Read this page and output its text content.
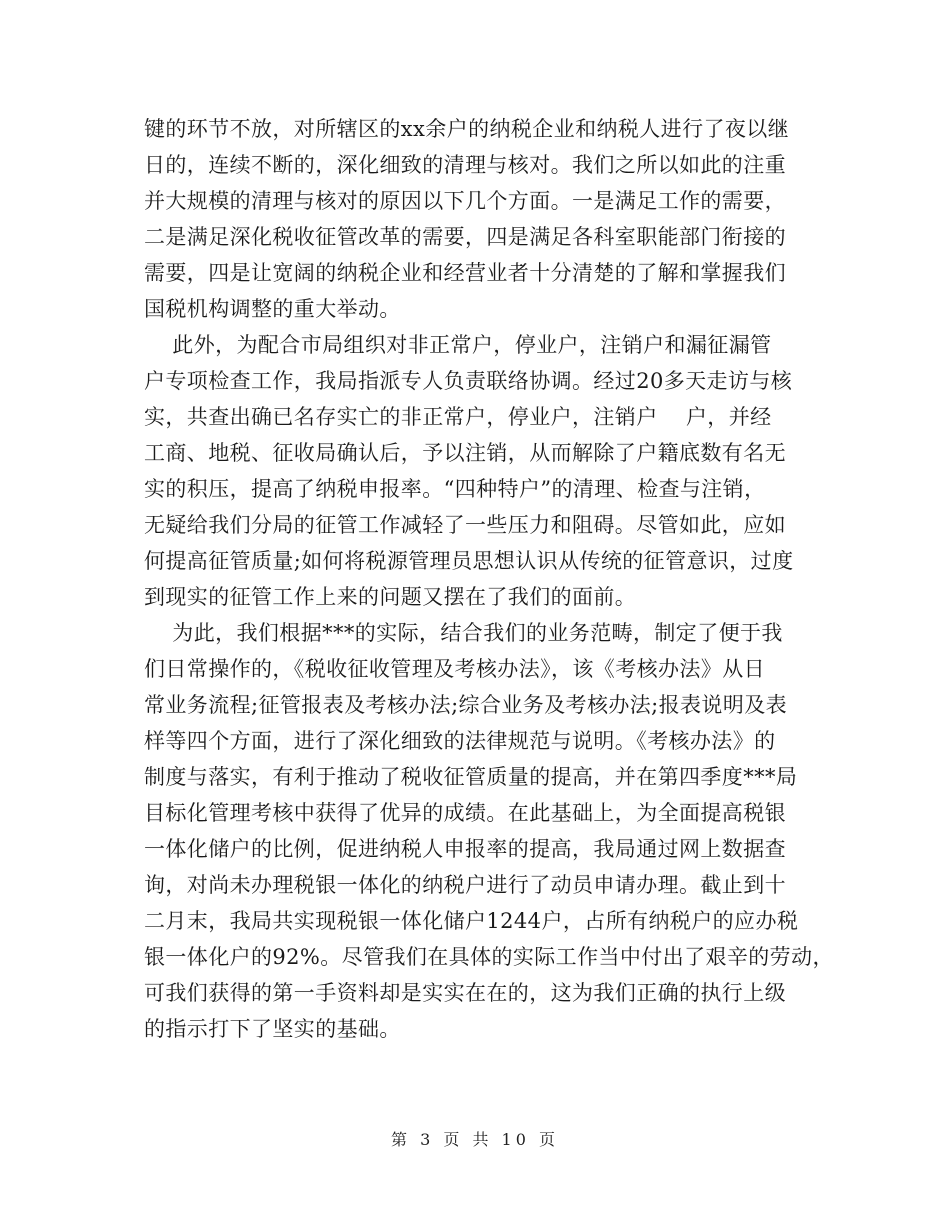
键的环节不放，对所辖区的xx余户的纳税企业和纳税人进行了夜以继
日的，连续不断的，深化细致的清理与核对。我们之所以如此的注重
并大规模的清理与核对的原因以下几个方面。一是满足工作的需要，
二是满足深化税收征管改革的需要，四是满足各科室职能部门衔接的
需要，四是让宽阔的纳税企业和经营业者十分清楚的了解和掌握我们
国税机构调整的重大举动。
此外，为配合市局组织对非正常户，停业户，注销户和漏征漏管
户专项检查工作，我局指派专人负责联络协调。经过20多天走访与核
实，共查出确已名存实亡的非正常户，停业户，注销户    户，并经
工商、地税、征收局确认后，予以注销，从而解除了户籍底数有名无
实的积压，提高了纳税申报率。“四种特户”的清理、检查与注销，
无疑给我们分局的征管工作减轻了一些压力和阻碍。尽管如此，应如
何提高征管质量;如何将税源管理员思想认识从传统的征管意识，过度
到现实的征管工作上来的问题又摆在了我们的面前。
为此，我们根据***的实际，结合我们的业务范畴，制定了便于我
们日常操作的，《税收征收管理及考核办法》，该《考核办法》从日
常业务流程;征管报表及考核办法;综合业务及考核办法;报表说明及表
样等四个方面，进行了深化细致的法律规范与说明。《考核办法》的
制度与落实，有利于推动了税收征管质量的提高，并在第四季度***局
目标化管理考核中获得了优异的成绩。在此基础上，为全面提高税银
一体化储户的比例，促进纳税人申报率的提高，我局通过网上数据查
询，对尚未办理税银一体化的纳税户进行了动员申请办理。截止到十
二月末，我局共实现税银一体化储户1244户，占所有纳税户的应办税
银一体化户的92%。尽管我们在具体的实际工作当中付出了艰辛的劳动，
可我们获得的第一手资料却是实实在在的，这为我们正确的执行上级
的指示打下了坚实的基础。
第 3 页 共 10 页
